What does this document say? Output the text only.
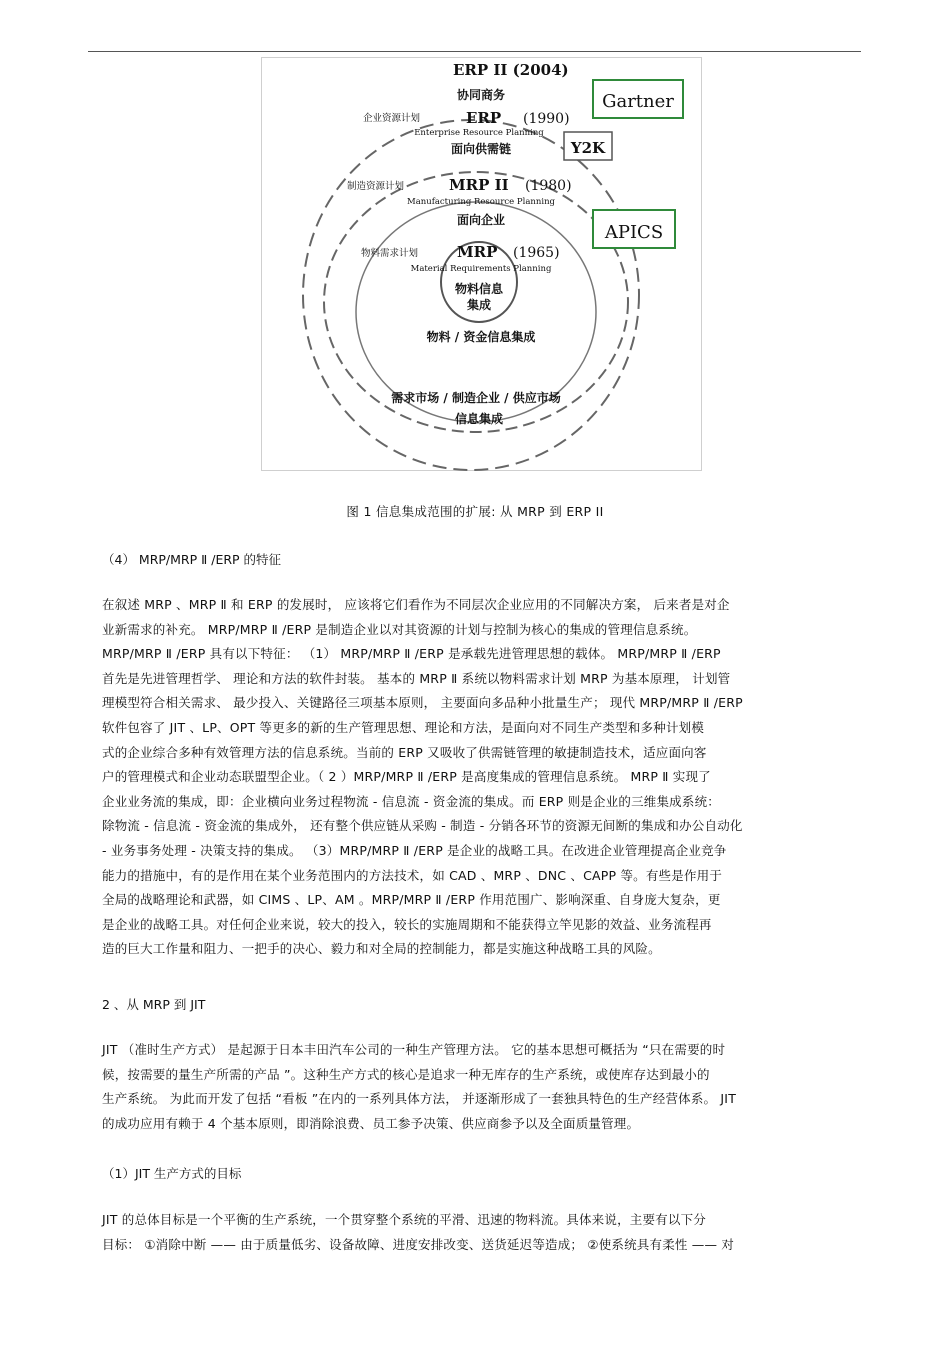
ERP II (2004)
协同商务
企业资源计划	ERP (1990)
Enterprise Resource Planning
面向供需链
制造资源计划	MRP II (1980)
Manufacturing Resource Planning
面向企业
物料需求计划	MRP (1965)
Material Requirements Planning
物料信息
集成
物料 / 资金信息集成
需求市场 / 制造企业 / 供应市场
信息集成
Gartner
Y2K
APICS
图 1 信息集成范围的扩展: 从 MRP 到 ERP II
（4） MRP/MRP Ⅱ /ERP 的特征
在叙述 MRP 、MRP Ⅱ 和 ERP 的发展时， 应该将它们看作为不同层次企业应用的不同解决方案， 后来者是对企
业新需求的补充。 MRP/MRP Ⅱ /ERP 是制造企业以对其资源的计划与控制为核心的集成的管理信息系统。
MRP/MRP Ⅱ /ERP 具有以下特征： （1） MRP/MRP Ⅱ /ERP 是承载先进管理思想的载体。 MRP/MRP Ⅱ /ERP
首先是先进管理哲学、 理论和方法的软件封装。 基本的 MRP Ⅱ 系统以物料需求计划 MRP 为基本原理， 计划管
理模型符合相关需求、 最少投入、关键路径三项基本原则， 主要面向多品种小批量生产； 现代 MRP/MRP Ⅱ /ERP
软件包容了 JIT 、LP、OPT 等更多的新的生产管理思想、理论和方法，是面向对不同生产类型和多种计划模
式的企业综合多种有效管理方法的信息系统。当前的 ERP 又吸收了供需链管理的敏捷制造技术，适应面向客
户的管理模式和企业动态联盟型企业。（ 2 ）MRP/MRP Ⅱ /ERP 是高度集成的管理信息系统。 MRP Ⅱ 实现了
企业业务流的集成，即：企业横向业务过程物流 - 信息流 - 资金流的集成。而 ERP 则是企业的三维集成系统：
除物流 - 信息流 - 资金流的集成外， 还有整个供应链从采购 - 制造 - 分销各环节的资源无间断的集成和办公自动化
- 业务事务处理 - 决策支持的集成。 （3）MRP/MRP Ⅱ /ERP 是企业的战略工具。在改进企业管理提高企业竞争
能力的措施中，有的是作用在某个业务范围内的方法技术，如 CAD 、MRP 、DNC 、CAPP 等。有些是作用于
全局的战略理论和武器，如 CIMS 、LP、AM 。MRP/MRP Ⅱ /ERP 作用范围广、影响深重、自身庞大复杂，更
是企业的战略工具。对任何企业来说，较大的投入，较长的实施周期和不能获得立竿见影的效益、业务流程再
造的巨大工作量和阻力、一把手的决心、毅力和对全局的控制能力，都是实施这种战略工具的风险。
2 、从 MRP 到 JIT
JIT （准时生产方式） 是起源于日本丰田汽车公司的一种生产管理方法。 它的基本思想可概括为 “只在需要的时
候，按需要的量生产所需的产品 ”。这种生产方式的核心是追求一种无库存的生产系统，或使库存达到最小的
生产系统。 为此而开发了包括 “看板 ”在内的一系列具体方法， 并逐渐形成了一套独具特色的生产经营体系。 JIT
的成功应用有赖于 4 个基本原则，即消除浪费、员工参予决策、供应商参予以及全面质量管理。
（1）JIT 生产方式的目标
JIT 的总体目标是一个平衡的生产系统，一个贯穿整个系统的平滑、迅速的物料流。具体来说，主要有以下分
目标： ①消除中断 —— 由于质量低劣、设备故障、进度安排改变、送货延迟等造成； ②使系统具有柔性 —— 对
